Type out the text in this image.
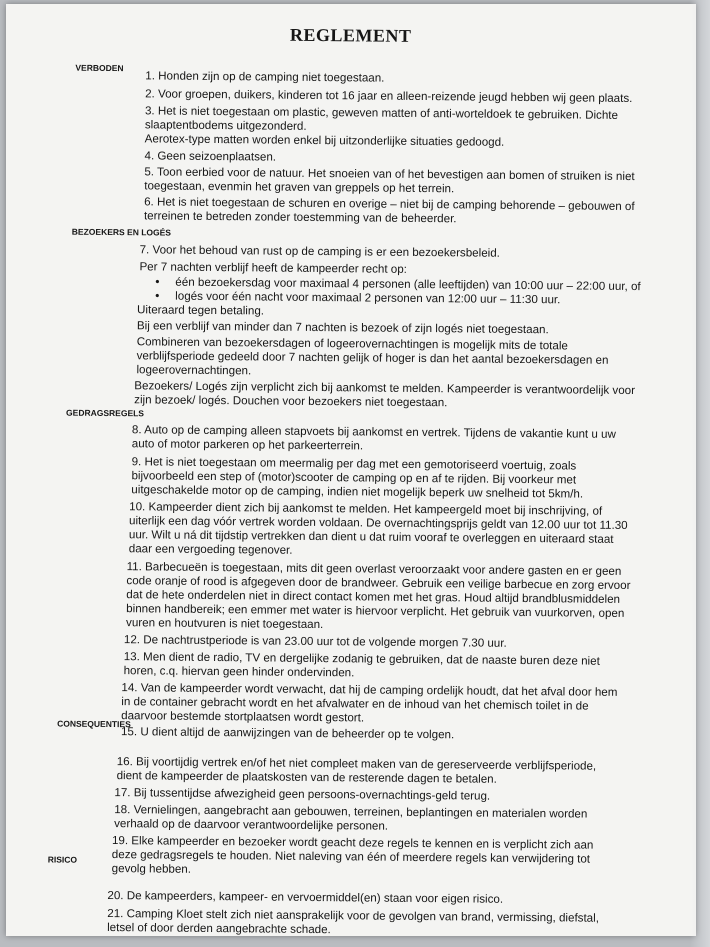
REGLEMENT
VERBODEN
BEZOEKERS EN LOGÉS
GEDRAGSREGELS
CONSEQUENTIES
RISICO
1. Honden zijn op de camping niet toegestaan.
2. Voor groepen, duikers, kinderen tot 16 jaar en alleen-reizende jeugd hebben wij geen plaats.
3. Het is niet toegestaan om plastic, geweven matten of anti-worteldoek te gebruiken. Dichte
slaaptentbodems uitgezonderd.
Aerotex-type matten worden enkel bij uitzonderlijke situaties gedoogd.
4. Geen seizoenplaatsen.
5. Toon eerbied voor de natuur. Het snoeien van of het bevestigen aan bomen of struiken is niet
toegestaan, evenmin het graven van greppels op het terrein.
6. Het is niet toegestaan de schuren en overige – niet bij de camping behorende – gebouwen of
terreinen te betreden zonder toestemming van de beheerder.
7. Voor het behoud van rust op de camping is er een bezoekersbeleid.
Per 7 nachten verblijf heeft de kampeerder recht op:
• één bezoekersdag voor maximaal 4 personen (alle leeftijden) van 10:00 uur – 22:00 uur, of
• logés voor één nacht voor maximaal 2 personen van 12:00 uur – 11:30 uur.
Uiteraard tegen betaling.
Bij een verblijf van minder dan 7 nachten is bezoek of zijn logés niet toegestaan.
Combineren van bezoekersdagen of logeerovernachtingen is mogelijk mits de totale
verblijfsperiode gedeeld door 7 nachten gelijk of hoger is dan het aantal bezoekersdagen en
logeerovernachtingen.
Bezoekers/ Logés zijn verplicht zich bij aankomst te melden. Kampeerder is verantwoordelijk voor
zijn bezoek/ logés. Douchen voor bezoekers niet toegestaan.
8. Auto op de camping alleen stapvoets bij aankomst en vertrek. Tijdens de vakantie kunt u uw
auto of motor parkeren op het parkeerterrein.
9. Het is niet toegestaan om meermalig per dag met een gemotoriseerd voertuig, zoals
bijvoorbeeld een step of (motor)scooter de camping op en af te rijden. Bij voorkeur met
uitgeschakelde motor op de camping, indien niet mogelijk beperk uw snelheid tot 5km/h.
10. Kampeerder dient zich bij aankomst te melden. Het kampeergeld moet bij inschrijving, of
uiterlijk een dag vóór vertrek worden voldaan. De overnachtingsprijs geldt van 12.00 uur tot 11.30
uur. Wilt u ná dit tijdstip vertrekken dan dient u dat ruim vooraf te overleggen en uiteraard staat
daar een vergoeding tegenover.
11. Barbecueën is toegestaan, mits dit geen overlast veroorzaakt voor andere gasten en er geen
code oranje of rood is afgegeven door de brandweer. Gebruik een veilige barbecue en zorg ervoor
dat de hete onderdelen niet in direct contact komen met het gras. Houd altijd brandblusmiddelen
binnen handbereik; een emmer met water is hiervoor verplicht. Het gebruik van vuurkorven, open
vuren en houtvuren is niet toegestaan.
12. De nachtrustperiode is van 23.00 uur tot de volgende morgen 7.30 uur.
13. Men dient de radio, TV en dergelijke zodanig te gebruiken, dat de naaste buren deze niet
horen, c.q. hiervan geen hinder ondervinden.
14. Van de kampeerder wordt verwacht, dat hij de camping ordelijk houdt, dat het afval door hem
in de container gebracht wordt en het afvalwater en de inhoud van het chemisch toilet in de
daarvoor bestemde stortplaatsen wordt gestort.
15. U dient altijd de aanwijzingen van de beheerder op te volgen.
16. Bij voortijdig vertrek en/of het niet compleet maken van de gereserveerde verblijfsperiode,
dient de kampeerder de plaatskosten van de resterende dagen te betalen.
17. Bij tussentijdse afwezigheid geen persoons-overnachtings-geld terug.
18. Vernielingen, aangebracht aan gebouwen, terreinen, beplantingen en materialen worden
verhaald op de daarvoor verantwoordelijke personen.
19. Elke kampeerder en bezoeker wordt geacht deze regels te kennen en is verplicht zich aan
deze gedragsregels te houden. Niet naleving van één of meerdere regels kan verwijdering tot
gevolg hebben.
20. De kampeerders, kampeer- en vervoermiddel(en) staan voor eigen risico.
21. Camping Kloet stelt zich niet aansprakelijk voor de gevolgen van brand, vermissing, diefstal,
letsel of door derden aangebrachte schade.
